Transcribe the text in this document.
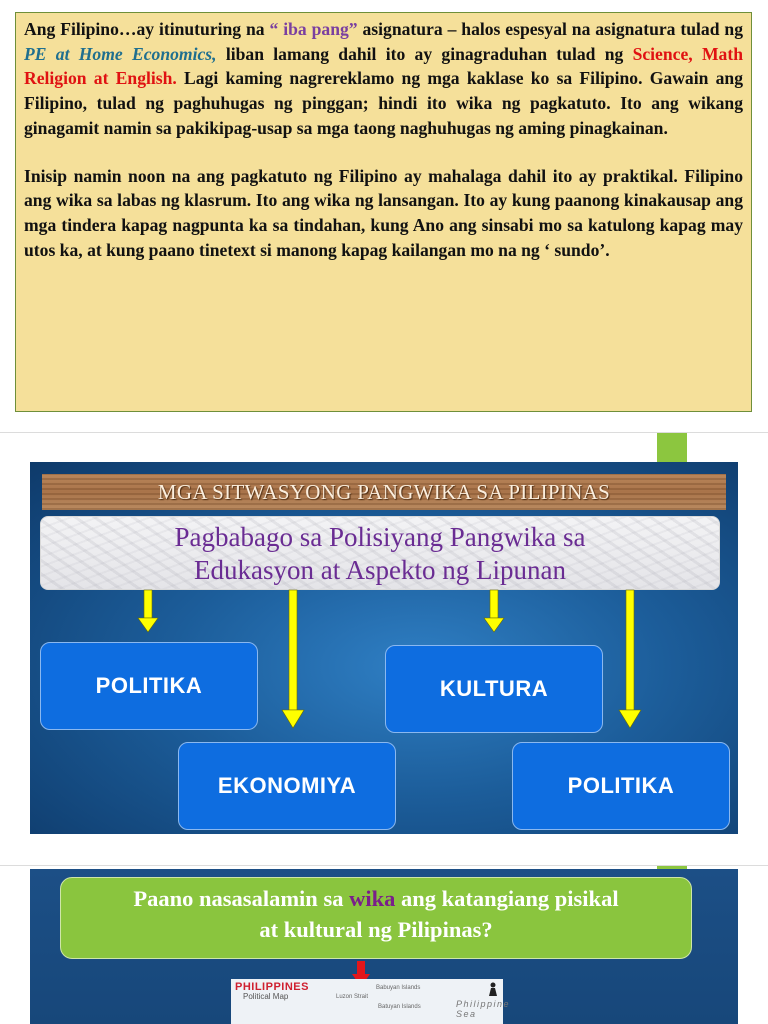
Ang Filipino…ay itinuturing na “ iba pang” asignatura – halos espesyal na asignatura tulad ng PE at Home Economics, liban lamang dahil ito ay ginagraduhan tulad ng Science, Math Religion at English. Lagi kaming nagrereklamo ng mga kaklase ko sa Filipino. Gawain ang Filipino, tulad ng paghuhugas ng pinggan; hindi ito wika ng pagkatuto. Ito ang wikang ginagamit namin sa pakikipag-usap sa mga taong naghuhugas ng aming pinagkainan.

Inisip namin noon na ang pagkatuto ng Filipino ay mahalaga dahil ito ay praktikal. Filipino ang wika sa labas ng klasrum. Ito ang wika ng lansangan. Ito ay kung paanong kinakausap ang mga tindera kapag nagpunta ka sa tindahan, kung Ano ang sinsabi mo sa katulong kapag may utos ka, at kung paano tinetext si manong kapag kailangan mo na ng ‘ sundo’.

MGA SITWASYONG PANGWIKA SA PILIPINAS
Pagbabago sa Polisiyang Pangwika sa
Edukasyon at Aspekto ng Lipunan
POLITIKA
EKONOMIYA
KULTURA
POLITIKA
Paano nasasalamin sa wika ang katangiang pisikal
at kultural ng Pilipinas?
PHILIPPINES
Political Map	Luzon Strait
Babuyan Islands
Batuyan Islands	Philippine Sea
